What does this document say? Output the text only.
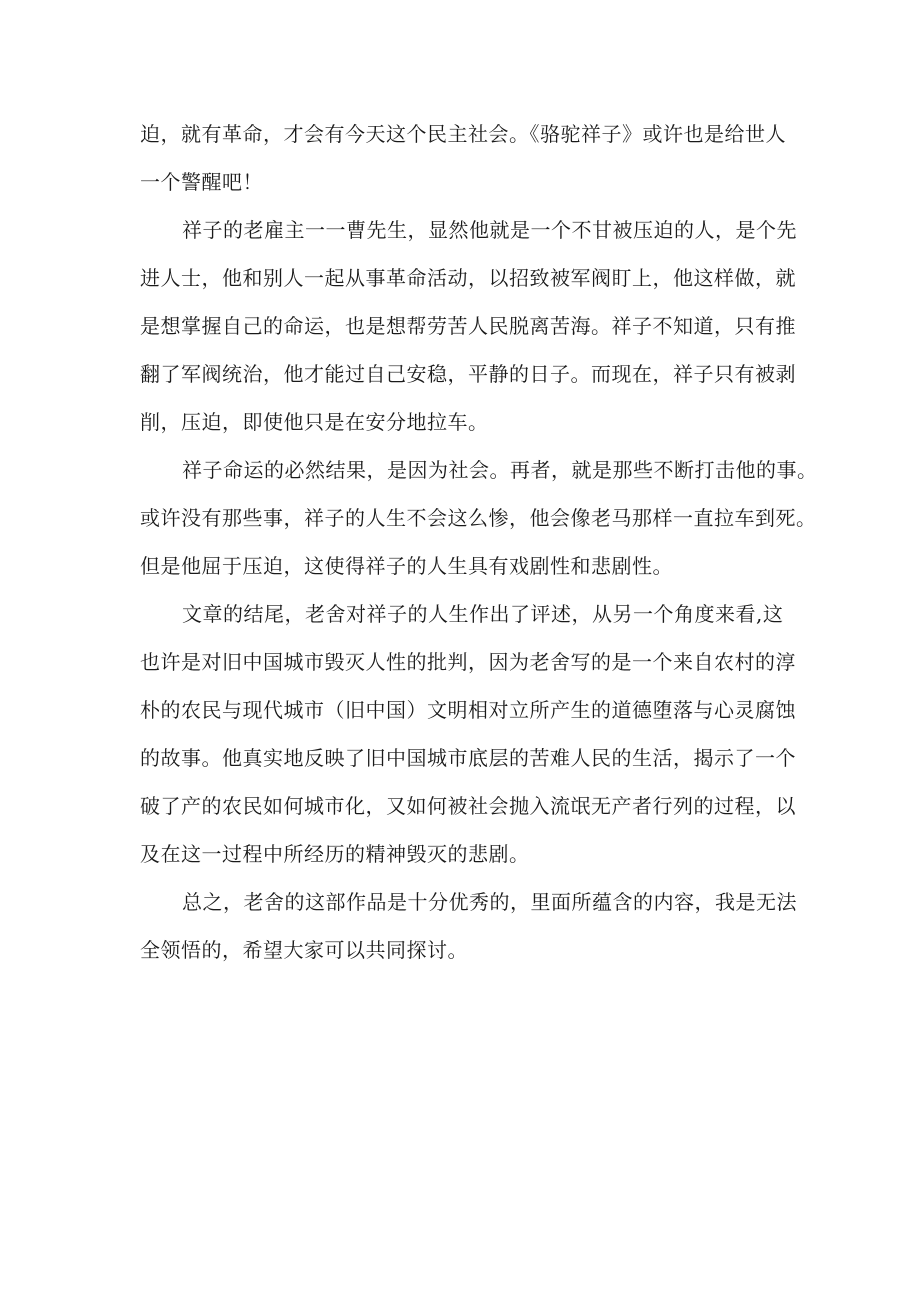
迫，就有革命，才会有今天这个民主社会。《骆驼祥子》或许也是给世人
一个警醒吧！
祥子的老雇主一一曹先生，显然他就是一个不甘被压迫的人，是个先
进人士，他和别人一起从事革命活动，以招致被军阀盯上，他这样做，就
是想掌握自己的命运，也是想帮劳苦人民脱离苦海。祥子不知道，只有推
翻了军阀统治，他才能过自己安稳，平静的日子。而现在，祥子只有被剥
削，压迫，即使他只是在安分地拉车。
祥子命运的必然结果，是因为社会。再者，就是那些不断打击他的事。
或许没有那些事，祥子的人生不会这么惨，他会像老马那样一直拉车到死。
但是他屈于压迫，这使得祥子的人生具有戏剧性和悲剧性。
文章的结尾，老舍对祥子的人生作出了评述，从另一个角度来看,这
也许是对旧中国城市毁灭人性的批判，因为老舍写的是一个来自农村的淳
朴的农民与现代城市（旧中国）文明相对立所产生的道德堕落与心灵腐蚀
的故事。他真实地反映了旧中国城市底层的苦难人民的生活，揭示了一个
破了产的农民如何城市化，又如何被社会抛入流氓无产者行列的过程，以
及在这一过程中所经历的精神毁灭的悲剧。
总之，老舍的这部作品是十分优秀的，里面所蕴含的内容，我是无法
全领悟的，希望大家可以共同探讨。
